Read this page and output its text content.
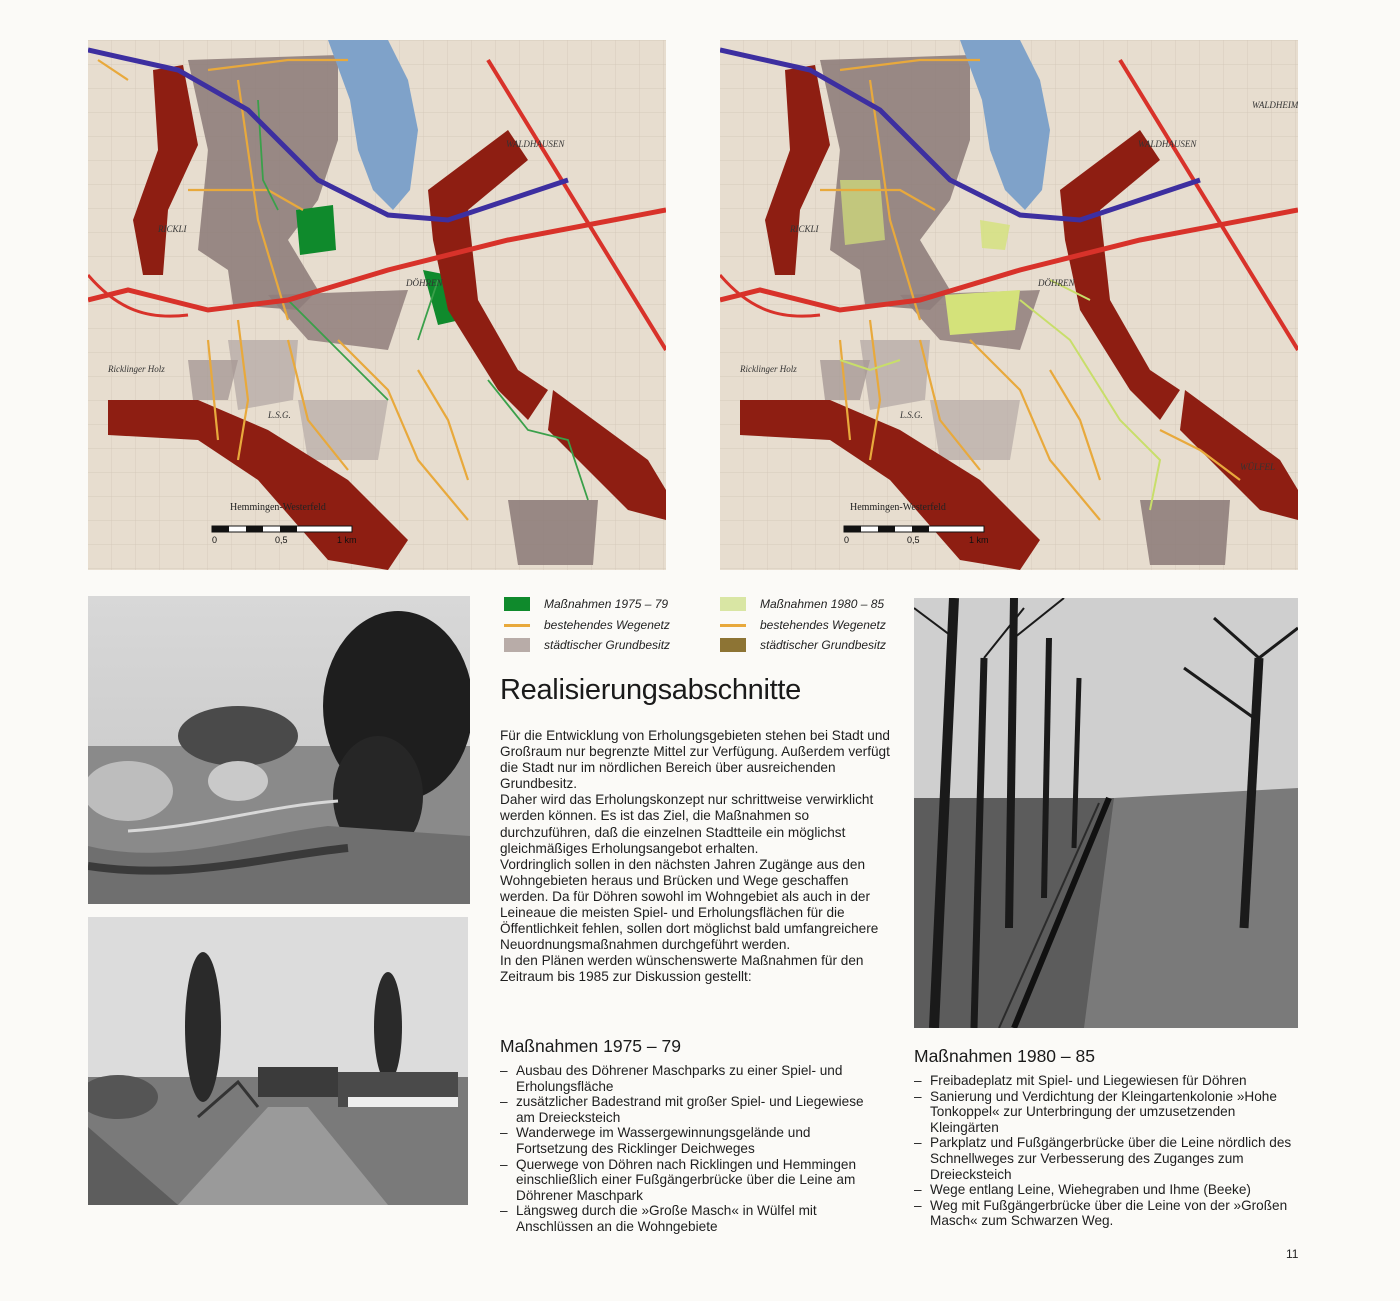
RICKLI
DÖHREN
L.S.G.
Ricklinger Holz
WALDHAUSEN
Hemmingen-Westerfeld
0	0,5	1 km
RICKLI
DÖHREN
L.S.G.
Ricklinger Holz
WALDHEIM
WALDHAUSEN
WÜLFEL
Hemmingen-Westerfeld
0	0,5	1 km
Maßnahmen 1975 – 79
bestehendes Wegenetz
städtischer Grundbesitz
Maßnahmen 1980 – 85
bestehendes Wegenetz
städtischer Grundbesitz
Realisierungsabschnitte

Für die Entwicklung von Erholungsgebieten stehen bei Stadt und Großraum nur begrenzte Mittel zur Verfügung. Außerdem verfügt die Stadt nur im nördlichen Bereich über ausreichenden Grundbesitz.

Daher wird das Erholungskonzept nur schrittweise verwirklicht werden können. Es ist das Ziel, die Maßnahmen so durchzuführen, daß die einzelnen Stadtteile ein möglichst gleichmäßiges Erholungsangebot erhalten.

Vordringlich sollen in den nächsten Jahren Zugänge aus den Wohngebieten heraus und Brücken und Wege geschaffen werden. Da für Döhren sowohl im Wohngebiet als auch in der Leineaue die meisten Spiel- und Erholungsflächen für die Öffentlichkeit fehlen, sollen dort möglichst bald umfangreichere Neuordnungsmaßnahmen durchgeführt werden.

In den Plänen werden wünschenswerte Maßnahmen für den Zeitraum bis 1985 zur Diskussion gestellt:

Maßnahmen 1975 – 79
– Ausbau des Döhrener Maschparks zu einer Spiel- und Erholungsfläche
– zusätzlicher Badestrand mit großer Spiel- und Liegewiese am Dreiecksteich
– Wanderwege im Wassergewinnungsgelände und Fortsetzung des Ricklinger Deichweges
– Querwege von Döhren nach Ricklingen und Hemmingen einschließlich einer Fußgängerbrücke über die Leine am Döhrener Maschpark
– Längsweg durch die »Große Masch« in Wülfel mit Anschlüssen an die Wohngebiete
Maßnahmen 1980 – 85
– Freibadeplatz mit Spiel- und Liegewiesen für Döhren
– Sanierung und Verdichtung der Kleingartenkolonie »Hohe Tonkoppel« zur Unterbringung der umzusetzenden Kleingärten
– Parkplatz und Fußgängerbrücke über die Leine nördlich des Schnellweges zur Verbesserung des Zuganges zum Dreiecksteich
– Wege entlang Leine, Wiehegraben und Ihme (Beeke)
– Weg mit Fußgängerbrücke über die Leine von der »Großen Masch« zum Schwarzen Weg.
11
